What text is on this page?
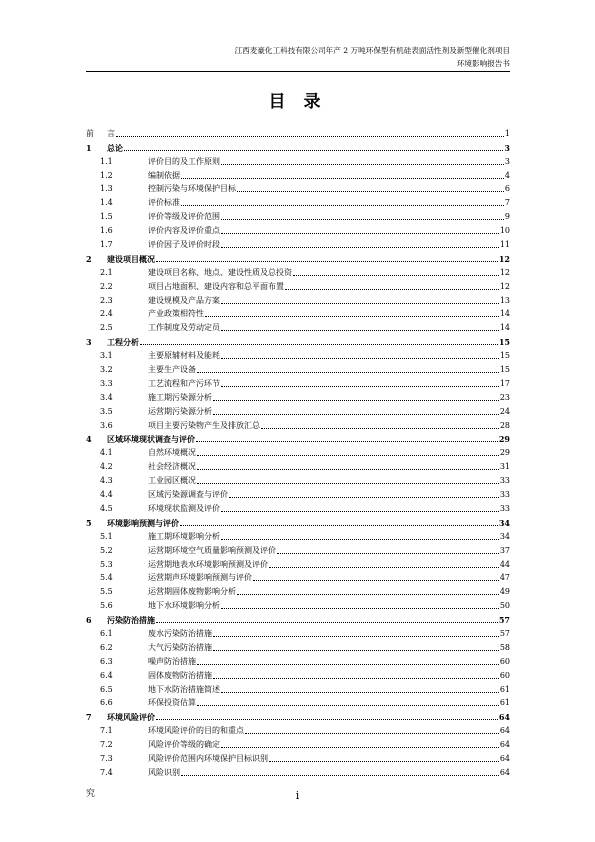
江西麦豪化工科技有限公司年产 2 万吨环保型有机硅表面活性剂及新型催化剂项目
环境影响报告书
目 录
前 言	1
1	总论	3
1.1	评价目的及工作原则	3
1.2	编制依据	4
1.3	控制污染与环境保护目标	6
1.4	评价标准	7
1.5	评价等级及评价范围	9
1.6	评价内容及评价重点	10
1.7	评价因子及评价时段	11
2	建设项目概况	12
2.1	建设项目名称、地点、建设性质及总投资	12
2.2	项目占地面积、建设内容和总平面布置	12
2.3	建设规模及产品方案	13
2.4	产业政策相符性	14
2.5	工作制度及劳动定员	14
3	工程分析	15
3.1	主要原辅材料及能耗	15
3.2	主要生产设备	15
3.3	工艺流程和产污环节	17
3.4	施工期污染源分析	23
3.5	运营期污染源分析	24
3.6	项目主要污染物产生及排放汇总	28
4	区域环境现状调查与评价	29
4.1	自然环境概况	29
4.2	社会经济概况	31
4.3	工业园区概况	33
4.4	区域污染源调查与评价	33
4.5	环境现状监测及评价	33
5	环境影响预测与评价	34
5.1	施工期环境影响分析	34
5.2	运营期环境空气质量影响预测及评价	37
5.3	运营期地表水环境影响预测及评价	44
5.4	运营期声环境影响预测与评价	47
5.5	运营期固体废物影响分析	49
5.6	地下水环境影响分析	50
6	污染防治措施	57
6.1	废水污染防治措施	57
6.2	大气污染防治措施	58
6.3	噪声防治措施	60
6.4	固体废物防治措施	60
6.5	地下水防治措施简述	61
6.6	环保投资估算	61
7	环境风险评价	64
7.1	环境风险评价的目的和重点	64
7.2	风险评价等级的确定	64
7.3	风险评价范围内环境保护目标识别	64
7.4	风险识别	64
究	i
